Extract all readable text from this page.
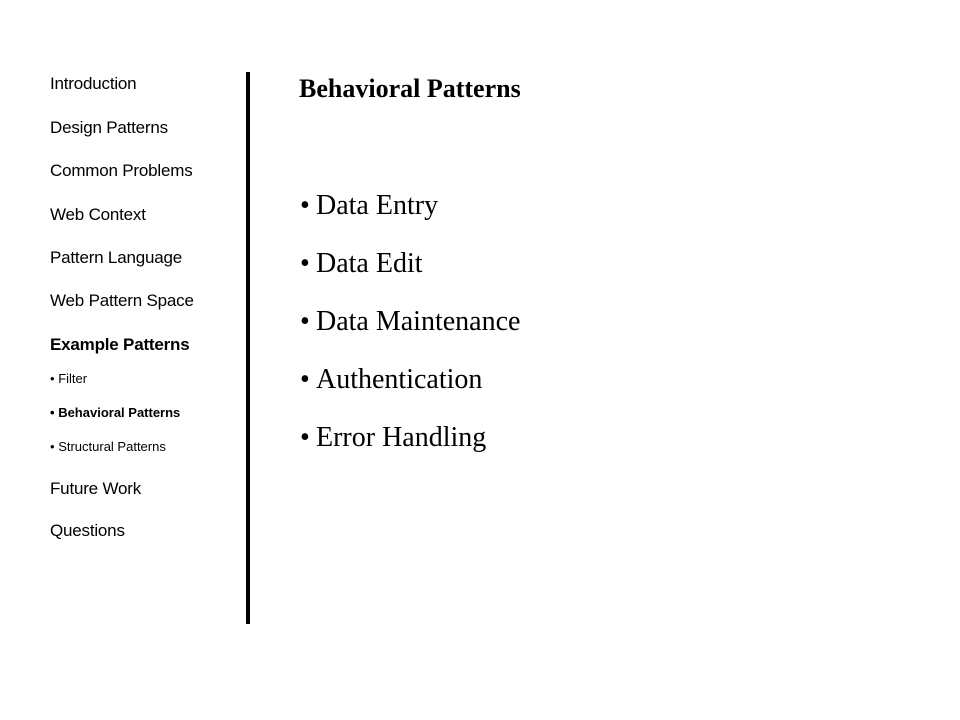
Introduction
Design Patterns
Common Problems
Web Context
Pattern Language
Web Pattern Space
Example Patterns
• Filter
• Behavioral Patterns
• Structural Patterns
Future Work
Questions
Behavioral Patterns
• Data Entry
• Data Edit
• Data Maintenance
• Authentication
• Error Handling
